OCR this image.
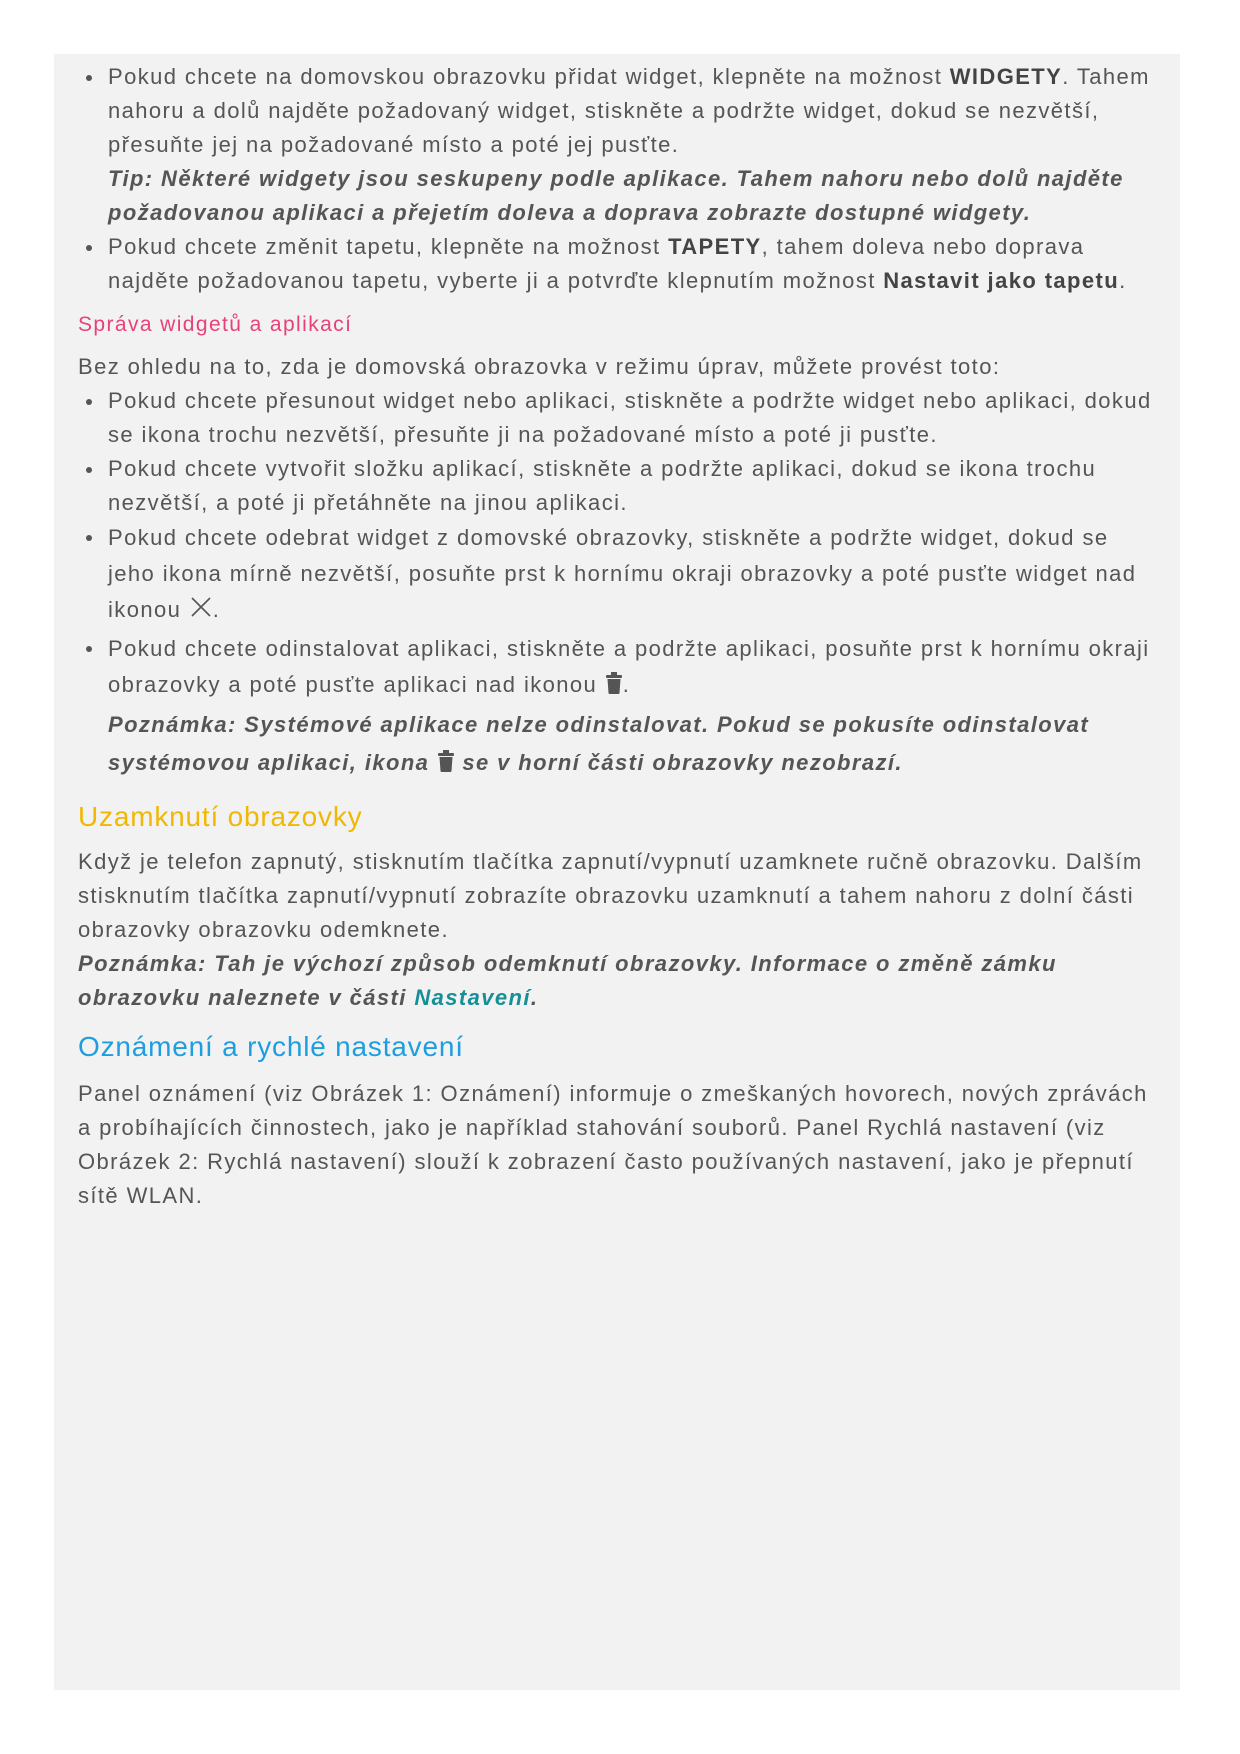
Pokud chcete na domovskou obrazovku přidat widget, klepněte na možnost WIDGETY. Tahem nahoru a dolů najděte požadovaný widget, stiskněte a podržte widget, dokud se nezvětší, přesuňte jej na požadované místo a poté jej pusťte.
Tip: Některé widgety jsou seskupeny podle aplikace. Tahem nahoru nebo dolů najděte požadovanou aplikaci a přejetím doleva a doprava zobrazte dostupné widgety.
Pokud chcete změnit tapetu, klepněte na možnost TAPETY, tahem doleva nebo doprava najděte požadovanou tapetu, vyberte ji a potvrďte klepnutím možnost Nastavit jako tapetu.
Správa widgetů a aplikací

Bez ohledu na to, zda je domovská obrazovka v režimu úprav, můžete provést toto:

Pokud chcete přesunout widget nebo aplikaci, stiskněte a podržte widget nebo aplikaci, dokud se ikona trochu nezvětší, přesuňte ji na požadované místo a poté ji pusťte.
Pokud chcete vytvořit složku aplikací, stiskněte a podržte aplikaci, dokud se ikona trochu nezvětší, a poté ji přetáhněte na jinou aplikaci.
Pokud chcete odebrat widget z domovské obrazovky, stiskněte a podržte widget, dokud se jeho ikona mírně nezvětší, posuňte prst k hornímu okraji obrazovky a poté pusťte widget nad ikonou .
Pokud chcete odinstalovat aplikaci, stiskněte a podržte aplikaci, posuňte prst k hornímu okraji obrazovky a poté pusťte aplikaci nad ikonou .
Poznámka: Systémové aplikace nelze odinstalovat. Pokud se pokusíte odinstalovat systémovou aplikaci, ikona  se v horní části obrazovky nezobrazí.
Uzamknutí obrazovky

Když je telefon zapnutý, stisknutím tlačítka zapnutí/vypnutí uzamknete ručně obrazovku. Dalším stisknutím tlačítka zapnutí/vypnutí zobrazíte obrazovku uzamknutí a tahem nahoru z dolní části obrazovky obrazovku odemknete.

Poznámka: Tah je výchozí způsob odemknutí obrazovky. Informace o změně zámku obrazovku naleznete v části Nastavení.

Oznámení a rychlé nastavení

Panel oznámení (viz Obrázek 1: Oznámení) informuje o zmeškaných hovorech, nových zprávách a probíhajících činnostech, jako je například stahování souborů. Panel Rychlá nastavení (viz Obrázek 2: Rychlá nastavení) slouží k zobrazení často používaných nastavení, jako je přepnutí sítě WLAN.
